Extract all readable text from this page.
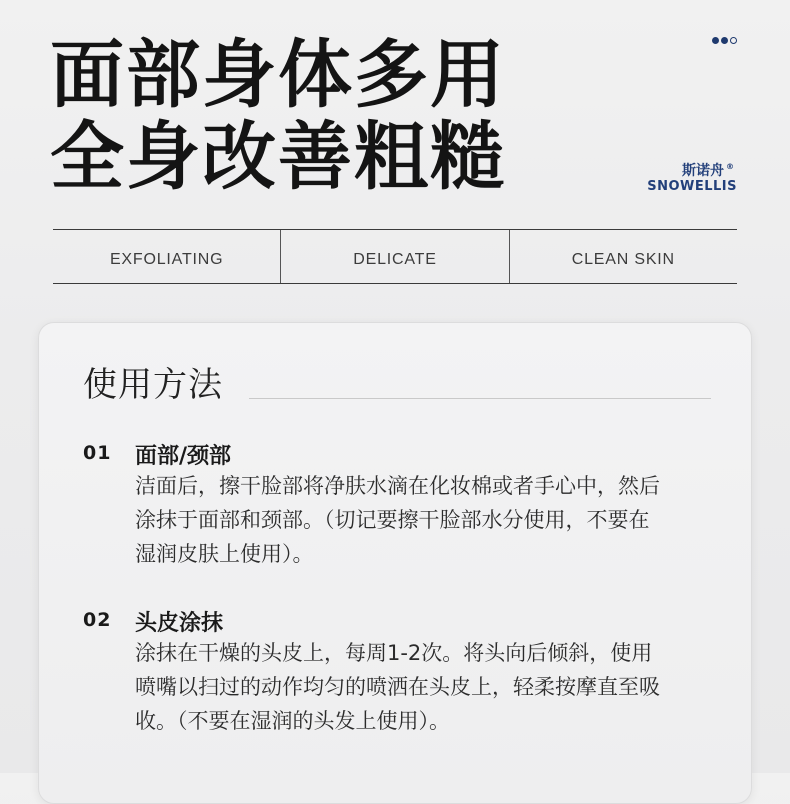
面部身体多用
全身改善粗糙	斯诺舟 ®
SNOWELLIS
EXFOLIATING	DELICATE	CLEAN SKIN
使用方法
01 面部/颈部
洁面后，擦干脸部将净肤水滴在化妆棉或者手心中，然后
涂抹于面部和颈部。（切记要擦干脸部水分使用，不要在
湿润皮肤上使用）。
02 头皮涂抹
涂抹在干燥的头皮上，每周1-2次。将头向后倾斜，使用
喷嘴以扫过的动作均匀的喷洒在头皮上，轻柔按摩直至吸
收。（不要在湿润的头发上使用）。
